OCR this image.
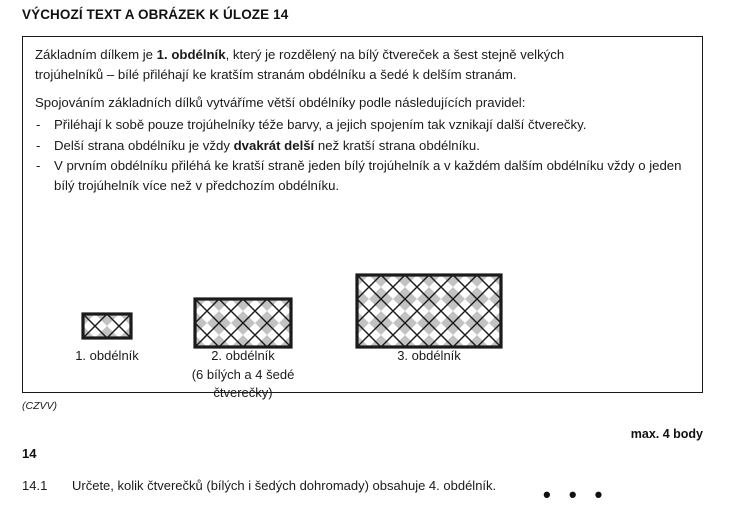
VÝCHOZÍ TEXT A OBRÁZEK K ÚLOZE 14

Základním dílkem je 1. obdélník, který je rozdělený na bílý čtvereček a šest stejně velkých

trojúhelníků – bílé přiléhají ke kratším stranám obdélníku a šedé k delším stranám.

Spojováním základních dílků vytváříme větší obdélníky podle následujících pravidel:

- Přiléhají k sobě pouze trojúhelníky téže barvy, a jejich spojením tak vznikají další čtverečky.
- Delší strana obdélníku je vždy dvakrát delší než kratší strana obdélníku.
- V prvním obdélníku přiléhá ke kratší straně jeden bílý trojúhelník a v každém dalším obdélníku vždy o jeden bílý trojúhelník více než v předchozím obdélníku.
1. obdélník	2. obdélník
(6 bílých a 4 šedé
čtverečky)
3. obdélník
• • •
(CZVV)
max. 4 body
14
14.1 Určete, kolik čtverečků (bílých i šedých dohromady) obsahuje 4. obdélník.
